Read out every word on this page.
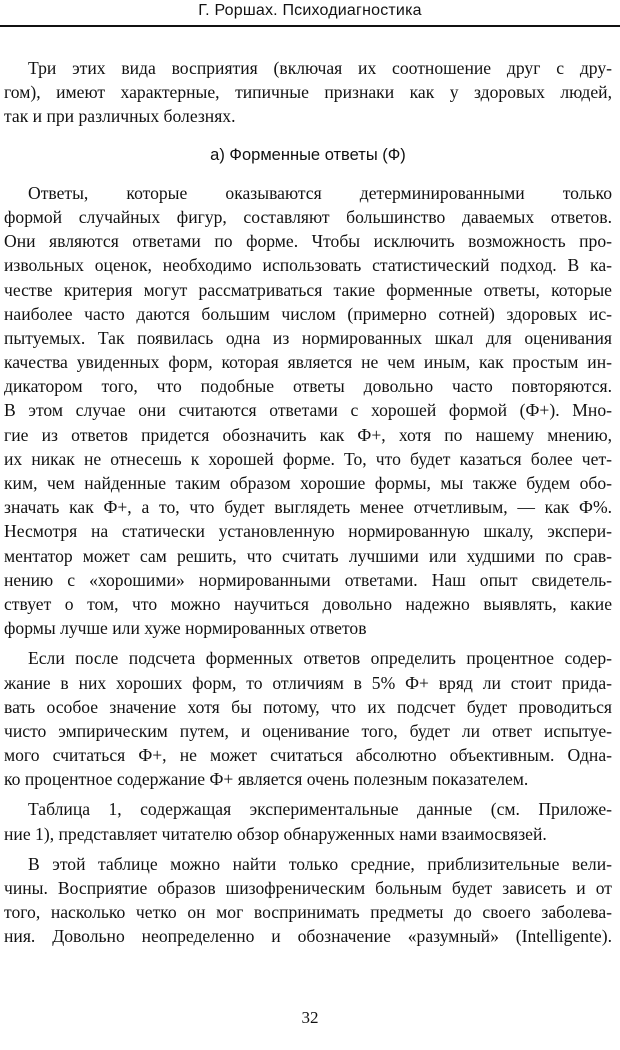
Г. Роршах. Психодиагностика
Три этих вида восприятия (включая их соотношение друг с дру-
гом), имеют характерные, типичные признаки как у здоровых людей,
так и при различных болезнях.
а) Форменные ответы (Ф)
Ответы, которые оказываются детерминированными только
формой случайных фигур, составляют большинство даваемых ответов.
Они являются ответами по форме. Чтобы исключить возможность про-
извольных оценок, необходимо использовать статистический подход. В ка-
честве критерия могут рассматриваться такие форменные ответы, которые
наиболее часто даются большим числом (примерно сотней) здоровых ис-
пытуемых. Так появилась одна из нормированных шкал для оценивания
качества увиденных форм, которая является не чем иным, как простым ин-
дикатором того, что подобные ответы довольно часто повторяются.
В этом случае они считаются ответами с хорошей формой (Ф+). Мно-
гие из ответов придется обозначить как Ф+, хотя по нашему мнению,
их никак не отнесешь к хорошей форме. То, что будет казаться более чет-
ким, чем найденные таким образом хорошие формы, мы также будем обо-
значать как Ф+, а то, что будет выглядеть менее отчетливым, — как Ф%.
Несмотря на статически установленную нормированную шкалу, экспери-
ментатор может сам решить, что считать лучшими или худшими по срав-
нению с «хорошими» нормированными ответами. Наш опыт свидетель-
ствует о том, что можно научиться довольно надежно выявлять, какие
формы лучше или хуже нормированных ответов
Если после подсчета форменных ответов определить процентное содер-
жание в них хороших форм, то отличиям в 5% Ф+ вряд ли стоит прида-
вать особое значение хотя бы потому, что их подсчет будет проводиться
чисто эмпирическим путем, и оценивание того, будет ли ответ испытуе-
мого считаться Ф+, не может считаться абсолютно объективным. Одна-
ко процентное содержание Ф+ является очень полезным показателем.
Таблица 1, содержащая экспериментальные данные (см. Приложе-
ние 1), представляет читателю обзор обнаруженных нами взаимосвязей.
В этой таблице можно найти только средние, приблизительные вели-
чины. Восприятие образов шизофреническим больным будет зависеть и от
того, насколько четко он мог воспринимать предметы до своего заболева-
ния. Довольно неопределенно и обозначение «разумный» (Intelligente).
32
